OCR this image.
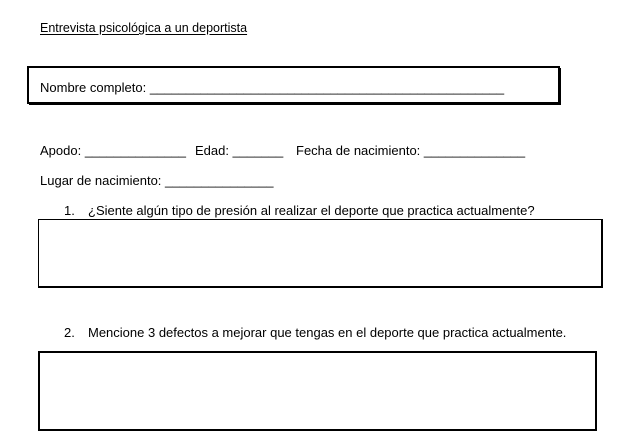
Entrevista psicológica a un deportista
Nombre completo: _________________________________________________
Apodo: ______________ Edad: _______ Fecha de nacimiento: ______________
Lugar de nacimiento: _______________
1. ¿Siente algún tipo de presión al realizar el deporte que practica actualmente?
2. Mencione 3 defectos a mejorar que tengas en el deporte que practica actualmente.
